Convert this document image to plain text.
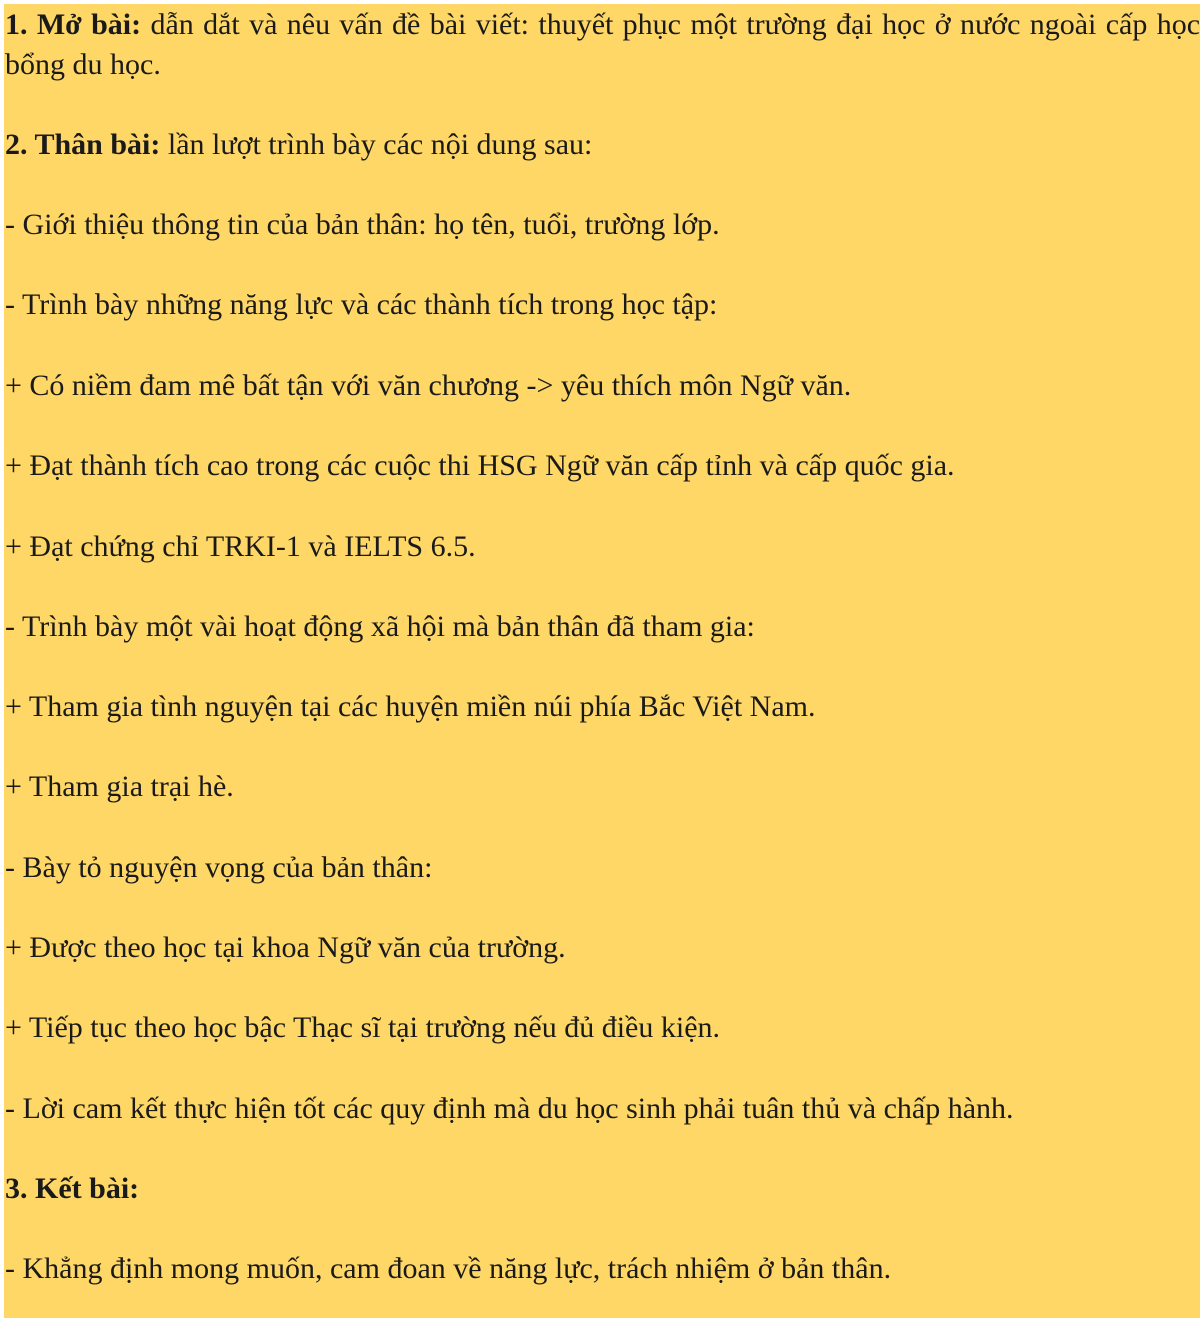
1. Mở bài: dẫn dắt và nêu vấn đề bài viết: thuyết phục một trường đại học ở nước ngoài cấp học bổng du học.

2. Thân bài: lần lượt trình bày các nội dung sau:

- Giới thiệu thông tin của bản thân: họ tên, tuổi, trường lớp.

- Trình bày những năng lực và các thành tích trong học tập:

+ Có niềm đam mê bất tận với văn chương -> yêu thích môn Ngữ văn.

+ Đạt thành tích cao trong các cuộc thi HSG Ngữ văn cấp tỉnh và cấp quốc gia.

+ Đạt chứng chỉ TRKI-1 và IELTS 6.5.

- Trình bày một vài hoạt động xã hội mà bản thân đã tham gia:

+ Tham gia tình nguyện tại các huyện miền núi phía Bắc Việt Nam.

+ Tham gia trại hè.

- Bày tỏ nguyện vọng của bản thân:

+ Được theo học tại khoa Ngữ văn của trường.

+ Tiếp tục theo học bậc Thạc sĩ tại trường nếu đủ điều kiện.

- Lời cam kết thực hiện tốt các quy định mà du học sinh phải tuân thủ và chấp hành.

3. Kết bài:

- Khẳng định mong muốn, cam đoan về năng lực, trách nhiệm ở bản thân.
